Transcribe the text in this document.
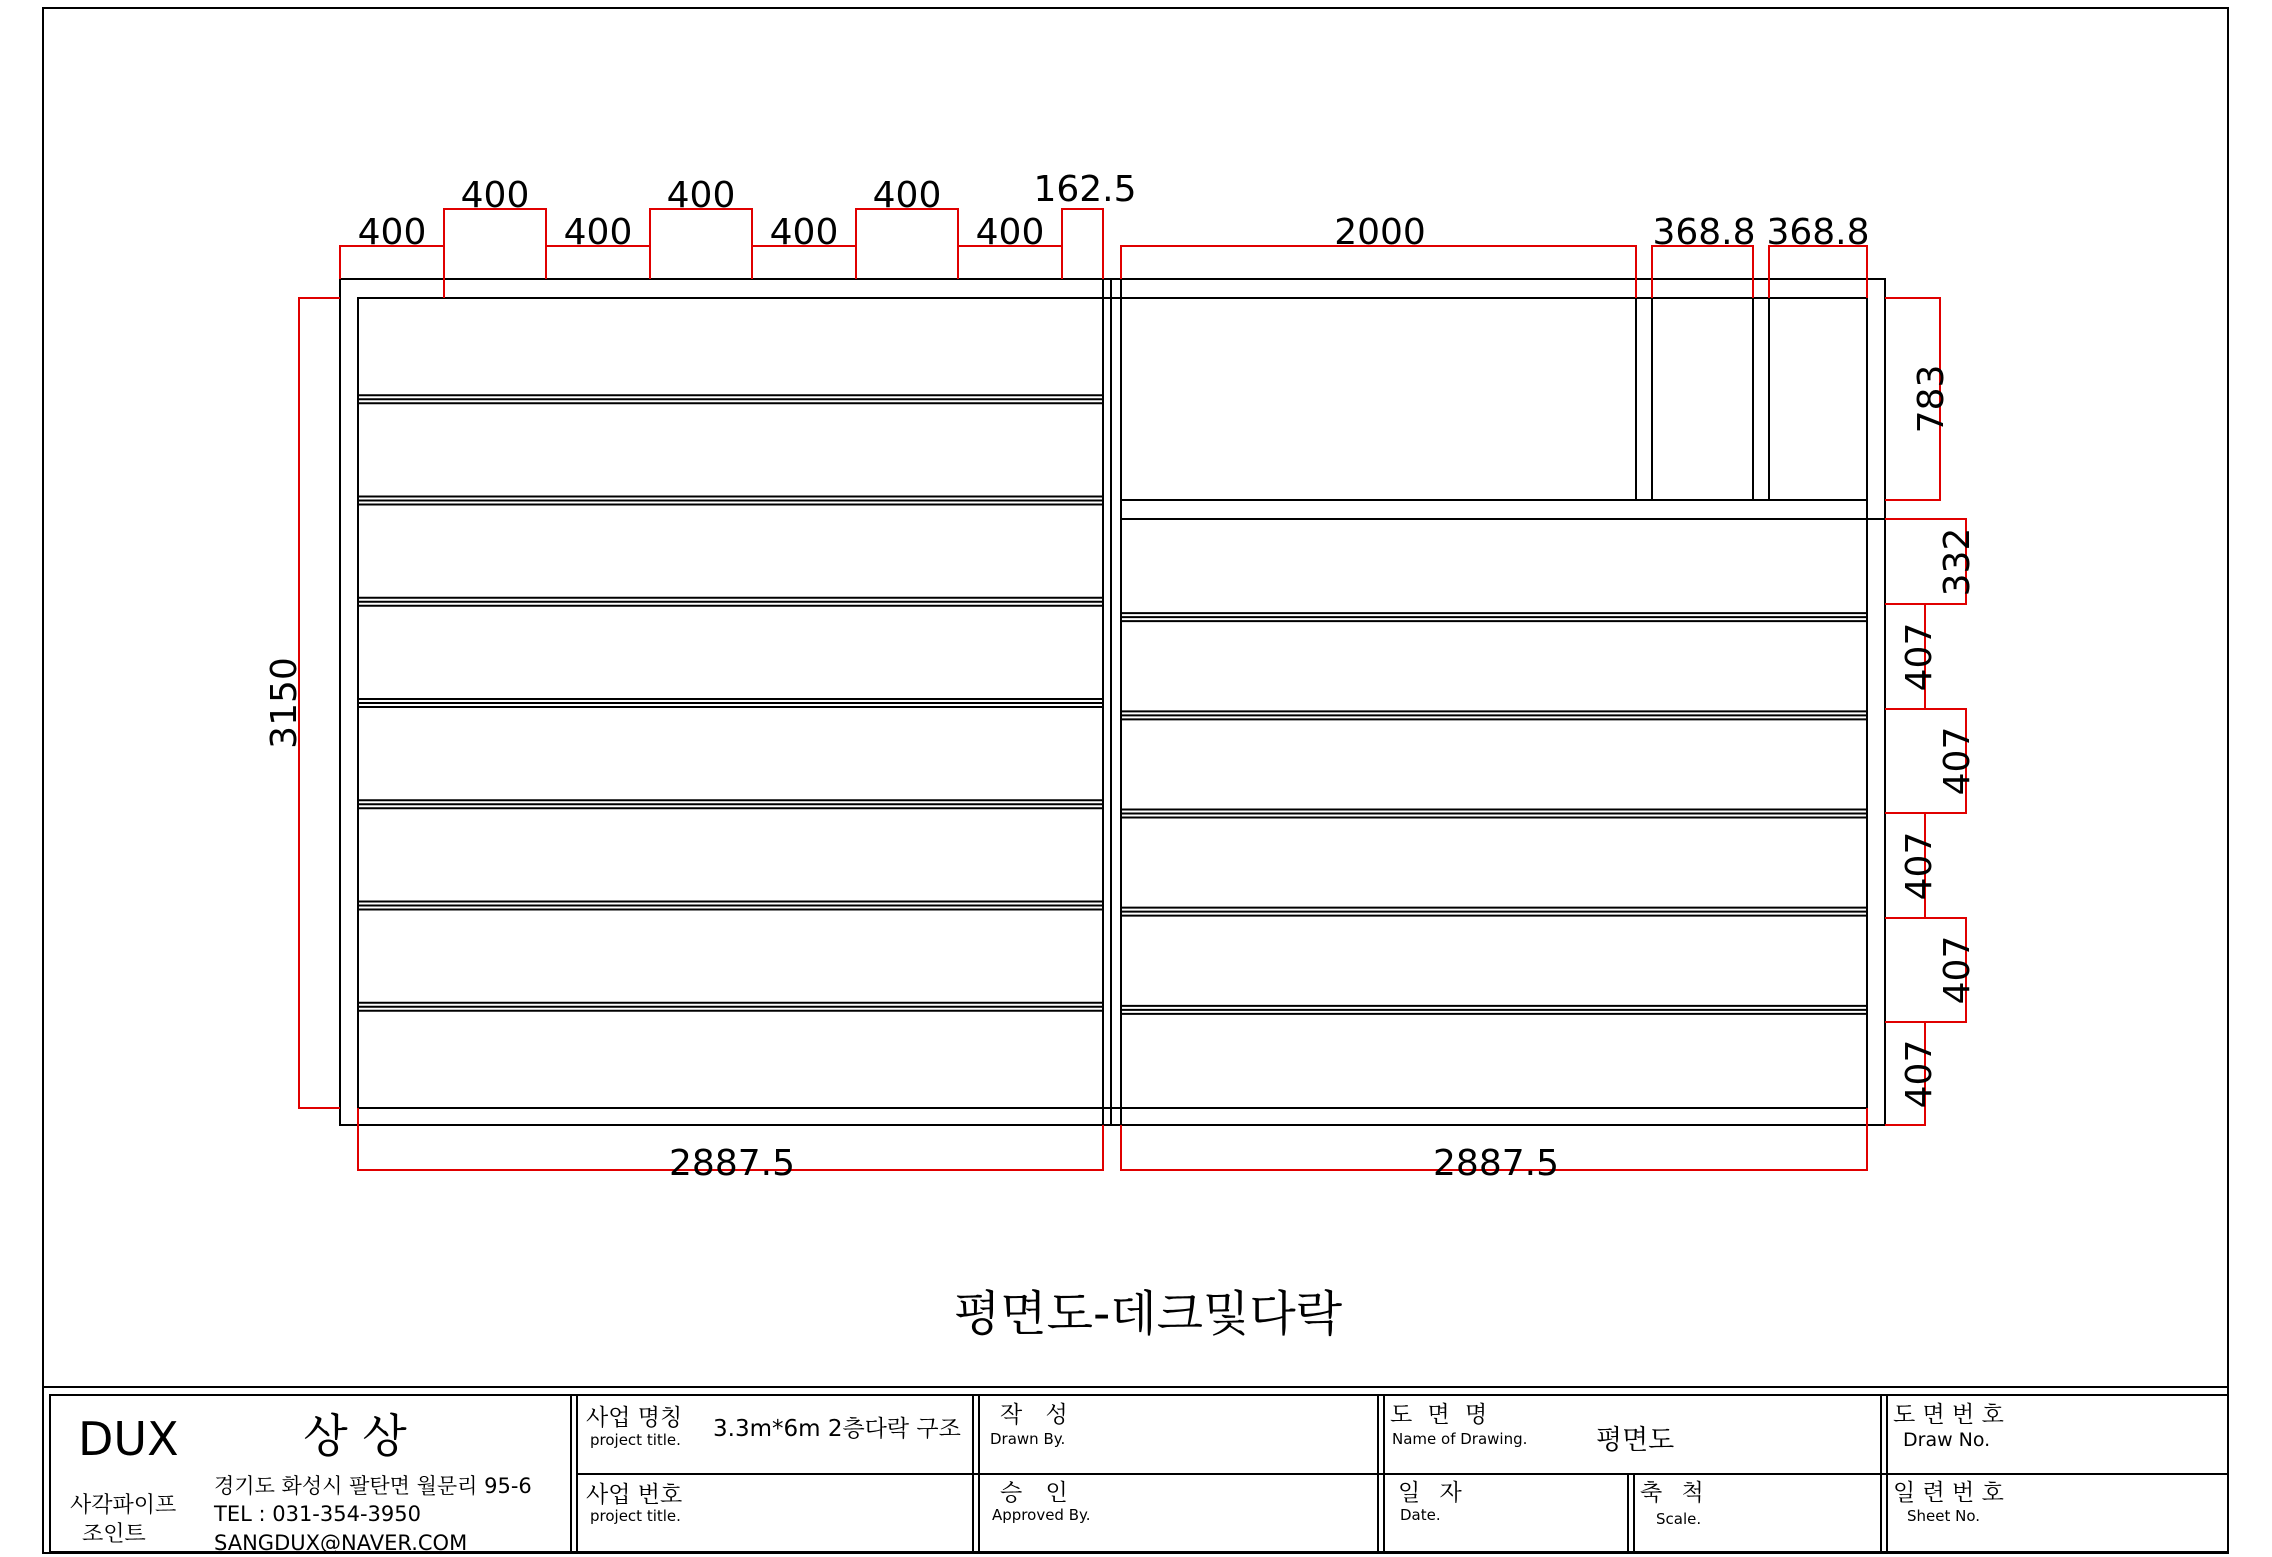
400
400
400
400
400
400
400
162.5
2000	368.8 368.8
3150
2887.5	2887.5
783
332
407
407
407
407
407
평면도-데크및다락
DUX	상 상
사각파이프
조인트
경기도 화성시 팔탄면 월문리 95-6
TEL : 031-354-3950
SANGDUX@NAVER.COM
사업 명칭
project title. 3.3m*6m 2층다락 구조
사업 번호
project title.
작 성
Drawn By.
승 인
Approved By.
도 면 명
Name of Drawing.	평면도
일 자
Date.
축 척
Scale.
도 면 번 호
Draw No.
일 련 번 호
Sheet No.
